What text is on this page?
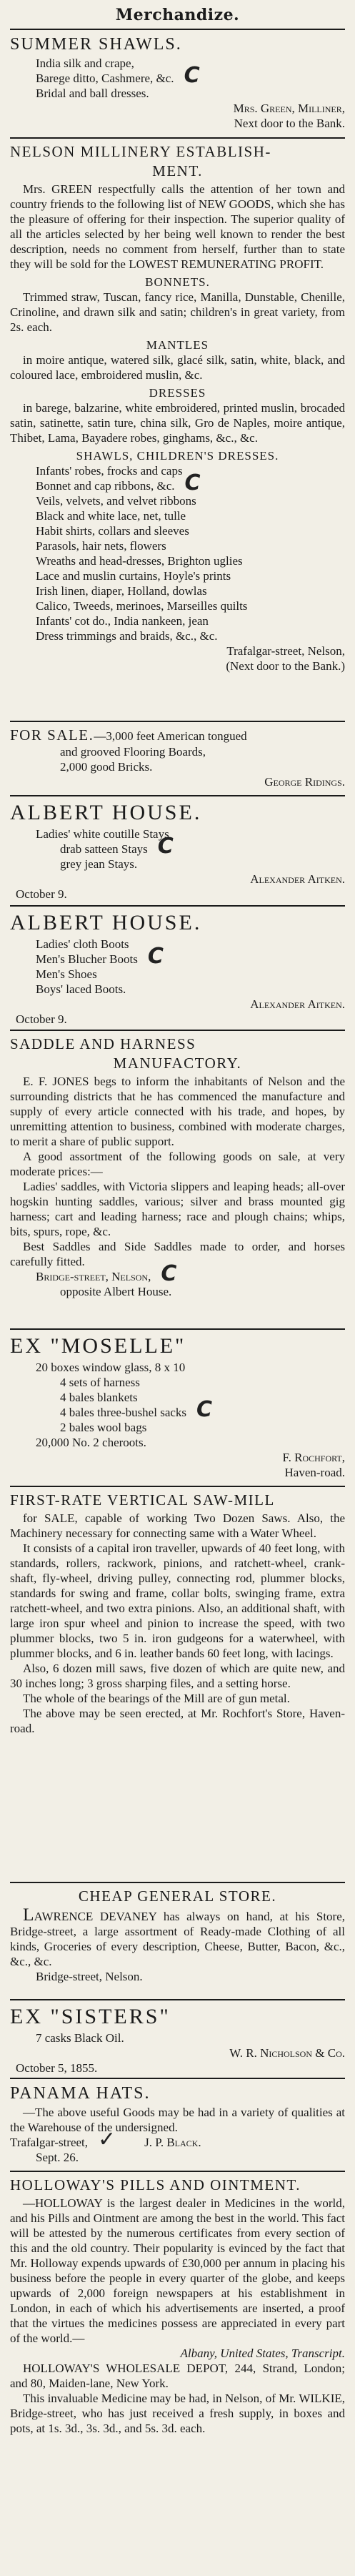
Merchandize.
SUMMER SHAWLS.
India silk and crape,
Barege ditto, Cashmere, &c. C
Bridal and ball dresses.
Mrs. Green, Milliner,
Next door to the Bank.
NELSON MILLINERY ESTABLISH-
MENT.

Mrs. GREEN respectfully calls the attention of her town and country friends to the following list of NEW GOODS, which she has the pleasure of offering for their inspection. The superior quality of all the articles selected by her being well known to render the best description, needs no comment from herself, further than to state they will be sold for the LOWEST REMUNERATING PROFIT.

BONNETS.

Trimmed straw, Tuscan, fancy rice, Manilla, Dunstable, Chenille, Crinoline, and drawn silk and satin; children's in great variety, from 2s. each.

MANTLES

in moire antique, watered silk, glacé silk, satin, white, black, and coloured lace, embroidered muslin, &c.

DRESSES

in barege, balzarine, white embroidered, printed muslin, brocaded satin, satinette, satin ture, china silk, Gro de Naples, moire antique, Thibet, Lama, Bayadere robes, ginghams, &c., &c.

SHAWLS, CHILDREN'S DRESSES.
Infants' robes, frocks and caps
Bonnet and cap ribbons, &c. C
Veils, velvets, and velvet ribbons
Black and white lace, net, tulle
Habit shirts, collars and sleeves
Parasols, hair nets, flowers
Wreaths and head-dresses, Brighton uglies
Lace and muslin curtains, Hoyle's prints
Irish linen, diaper, Holland, dowlas
Calico, Tweeds, merinoes, Marseilles quilts
Infants' cot do., India nankeen, jean
Dress trimmings and braids, &c., &c.
Trafalgar-street, Nelson,
(Next door to the Bank.)
FOR SALE.—3,000 feet American tongued
and grooved Flooring Boards,
2,000 good Bricks.
George Ridings.
ALBERT HOUSE.
Ladies' white coutille Stays
drab satteen Stays C
grey jean Stays.
Alexander Aitken.
October 9.
ALBERT HOUSE.
Ladies' cloth Boots
Men's Blucher Boots C
Men's Shoes
Boys' laced Boots.
Alexander Aitken.
October 9.
SADDLE AND HARNESS
MANUFACTORY.

E. F. JONES begs to inform the inhabitants of Nelson and the surrounding districts that he has commenced the manufacture and supply of every article connected with his trade, and hopes, by unremitting attention to business, combined with moderate charges, to merit a share of public support.

A good assortment of the following goods on sale, at very moderate prices:—

Ladies' saddles, with Victoria slippers and leaping heads; all-over hogskin hunting saddles, various; silver and brass mounted gig harness; cart and leading harness; race and plough chains; whips, bits, spurs, rope, &c.

Best Saddles and Side Saddles made to order, and horses carefully fitted.

Bridge-street, Nelson, C
opposite Albert House.
EX "MOSELLE"
20 boxes window glass, 8 x 10
4 sets of harness
4 bales blankets
4 bales three-bushel sacks C
2 bales wool bags
20,000 No. 2 cheroots.
F. Rochfort,
Haven-road.
FIRST-RATE VERTICAL SAW-MILL

for SALE, capable of working Two Dozen Saws. Also, the Machinery necessary for connecting same with a Water Wheel.

It consists of a capital iron traveller, upwards of 40 feet long, with standards, rollers, rackwork, pinions, and ratchett-wheel, crank-shaft, fly-wheel, driving pulley, connecting rod, plummer blocks, standards for swing and frame, collar bolts, swinging frame, extra ratchett-wheel, and two extra pinions. Also, an additional shaft, with large iron spur wheel and pinion to increase the speed, with two plummer blocks, two 5 in. iron gudgeons for a waterwheel, with plummer blocks, and 6 in. leather bands 60 feet long, with lacings.

Also, 6 dozen mill saws, five dozen of which are quite new, and 30 inches long; 3 gross sharping files, and a setting horse.

The whole of the bearings of the Mill are of gun metal.

The above may be seen erected, at Mr. Rochfort's Store, Haven-road.

CHEAP GENERAL STORE.

LAWRENCE DEVANEY has always on hand, at his Store, Bridge-street, a large assortment of Ready-made Clothing of all kinds, Groceries of every description, Cheese, Butter, Bacon, &c., &c., &c.

Bridge-street, Nelson.
EX "SISTERS"
7 casks Black Oil.
W. R. Nicholson & Co.
October 5, 1855.
PANAMA HATS.

—The above useful Goods may be had in a variety of qualities at the Warehouse of the undersigned.

Trafalgar-street, ✓ J. P. Black.
Sept. 26.
HOLLOWAY'S PILLS AND OINTMENT.

—HOLLOWAY is the largest dealer in Medicines in the world, and his Pills and Ointment are among the best in the world. This fact will be attested by the numerous certificates from every section of this and the old country. Their popularity is evinced by the fact that Mr. Holloway expends upwards of £30,000 per annum in placing his business before the people in every quarter of the globe, and keeps upwards of 2,000 foreign newspapers at his establishment in London, in each of which his advertisements are inserted, a proof that the virtues the medicines possess are appreciated in every part of the world.—

Albany, United States, Transcript.

HOLLOWAY'S WHOLESALE DEPOT, 244, Strand, London; and 80, Maiden-lane, New York.

This invaluable Medicine may be had, in Nelson, of Mr. WILKIE, Bridge-street, who has just received a fresh supply, in boxes and pots, at 1s. 3d., 3s. 3d., and 5s. 3d. each.
